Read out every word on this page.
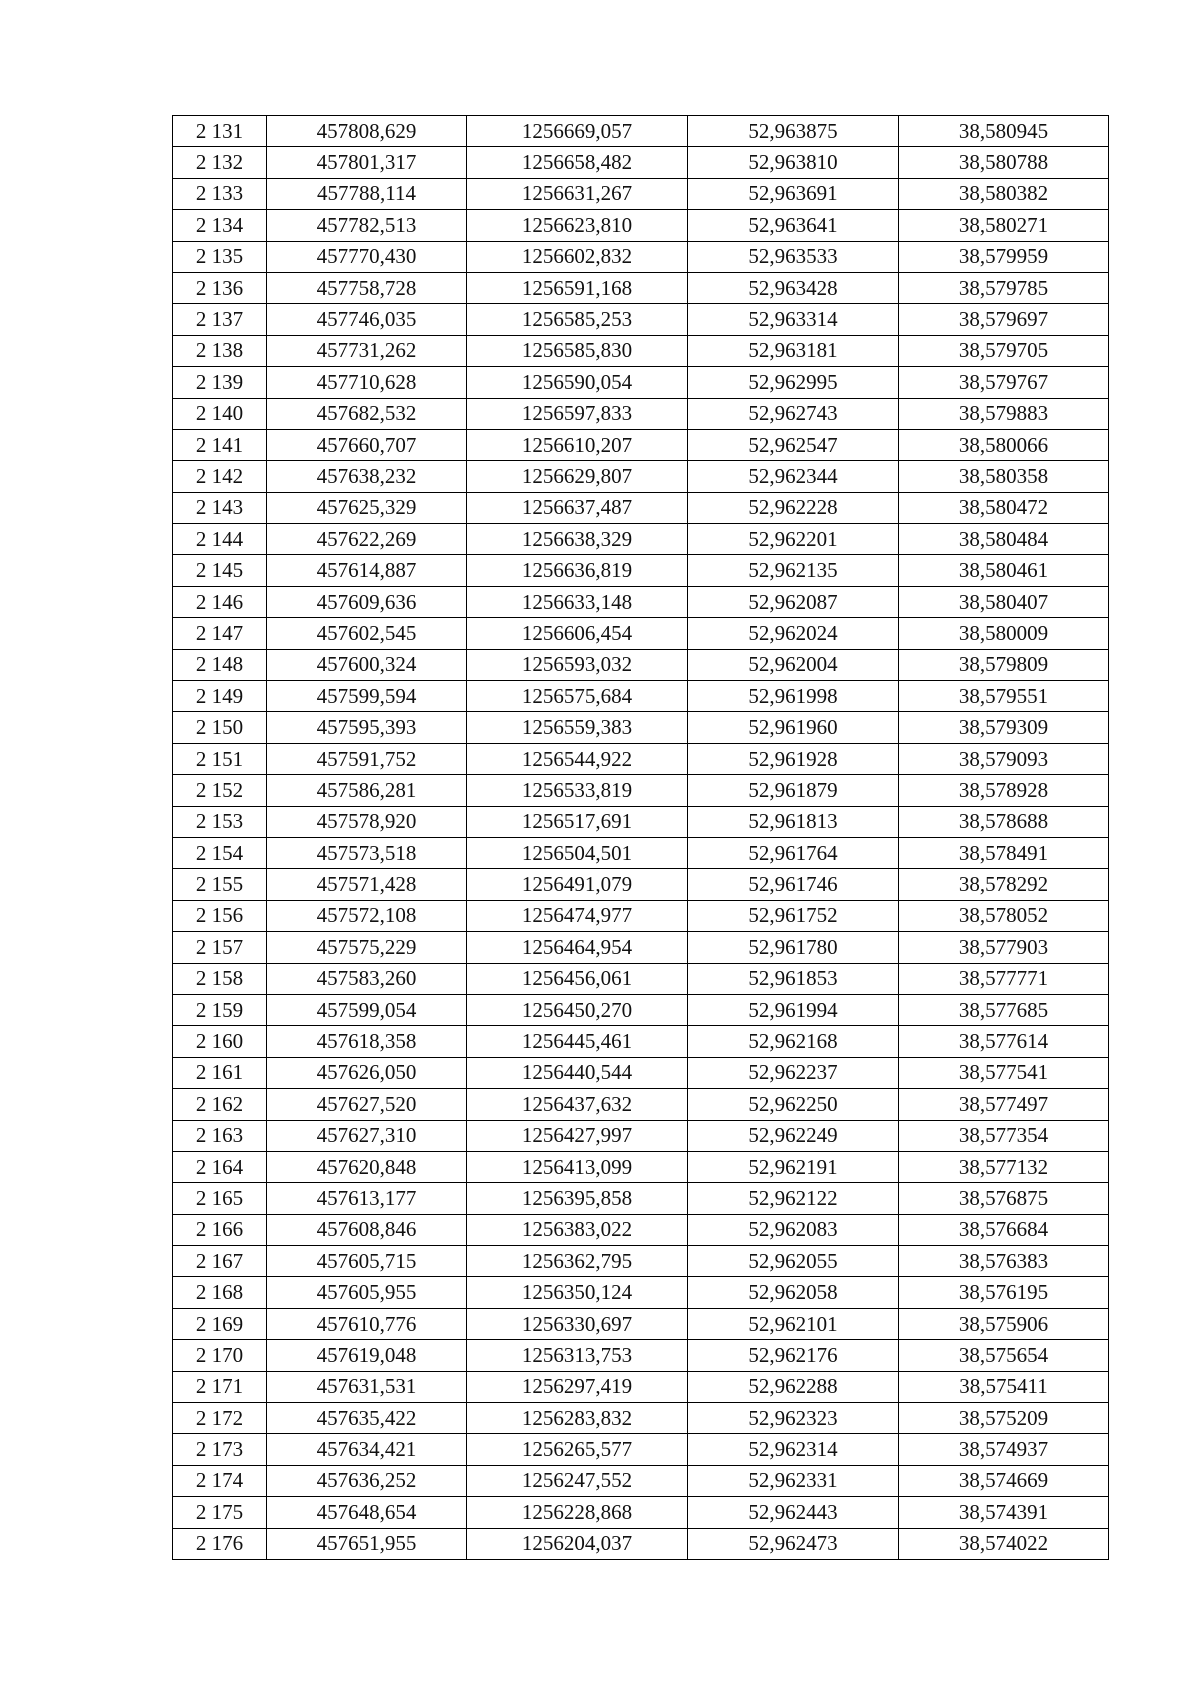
2 131	457808,629	1256669,057	52,963875	38,580945
2 132	457801,317	1256658,482	52,963810	38,580788
2 133	457788,114	1256631,267	52,963691	38,580382
2 134	457782,513	1256623,810	52,963641	38,580271
2 135	457770,430	1256602,832	52,963533	38,579959
2 136	457758,728	1256591,168	52,963428	38,579785
2 137	457746,035	1256585,253	52,963314	38,579697
2 138	457731,262	1256585,830	52,963181	38,579705
2 139	457710,628	1256590,054	52,962995	38,579767
2 140	457682,532	1256597,833	52,962743	38,579883
2 141	457660,707	1256610,207	52,962547	38,580066
2 142	457638,232	1256629,807	52,962344	38,580358
2 143	457625,329	1256637,487	52,962228	38,580472
2 144	457622,269	1256638,329	52,962201	38,580484
2 145	457614,887	1256636,819	52,962135	38,580461
2 146	457609,636	1256633,148	52,962087	38,580407
2 147	457602,545	1256606,454	52,962024	38,580009
2 148	457600,324	1256593,032	52,962004	38,579809
2 149	457599,594	1256575,684	52,961998	38,579551
2 150	457595,393	1256559,383	52,961960	38,579309
2 151	457591,752	1256544,922	52,961928	38,579093
2 152	457586,281	1256533,819	52,961879	38,578928
2 153	457578,920	1256517,691	52,961813	38,578688
2 154	457573,518	1256504,501	52,961764	38,578491
2 155	457571,428	1256491,079	52,961746	38,578292
2 156	457572,108	1256474,977	52,961752	38,578052
2 157	457575,229	1256464,954	52,961780	38,577903
2 158	457583,260	1256456,061	52,961853	38,577771
2 159	457599,054	1256450,270	52,961994	38,577685
2 160	457618,358	1256445,461	52,962168	38,577614
2 161	457626,050	1256440,544	52,962237	38,577541
2 162	457627,520	1256437,632	52,962250	38,577497
2 163	457627,310	1256427,997	52,962249	38,577354
2 164	457620,848	1256413,099	52,962191	38,577132
2 165	457613,177	1256395,858	52,962122	38,576875
2 166	457608,846	1256383,022	52,962083	38,576684
2 167	457605,715	1256362,795	52,962055	38,576383
2 168	457605,955	1256350,124	52,962058	38,576195
2 169	457610,776	1256330,697	52,962101	38,575906
2 170	457619,048	1256313,753	52,962176	38,575654
2 171	457631,531	1256297,419	52,962288	38,575411
2 172	457635,422	1256283,832	52,962323	38,575209
2 173	457634,421	1256265,577	52,962314	38,574937
2 174	457636,252	1256247,552	52,962331	38,574669
2 175	457648,654	1256228,868	52,962443	38,574391
2 176	457651,955	1256204,037	52,962473	38,574022
